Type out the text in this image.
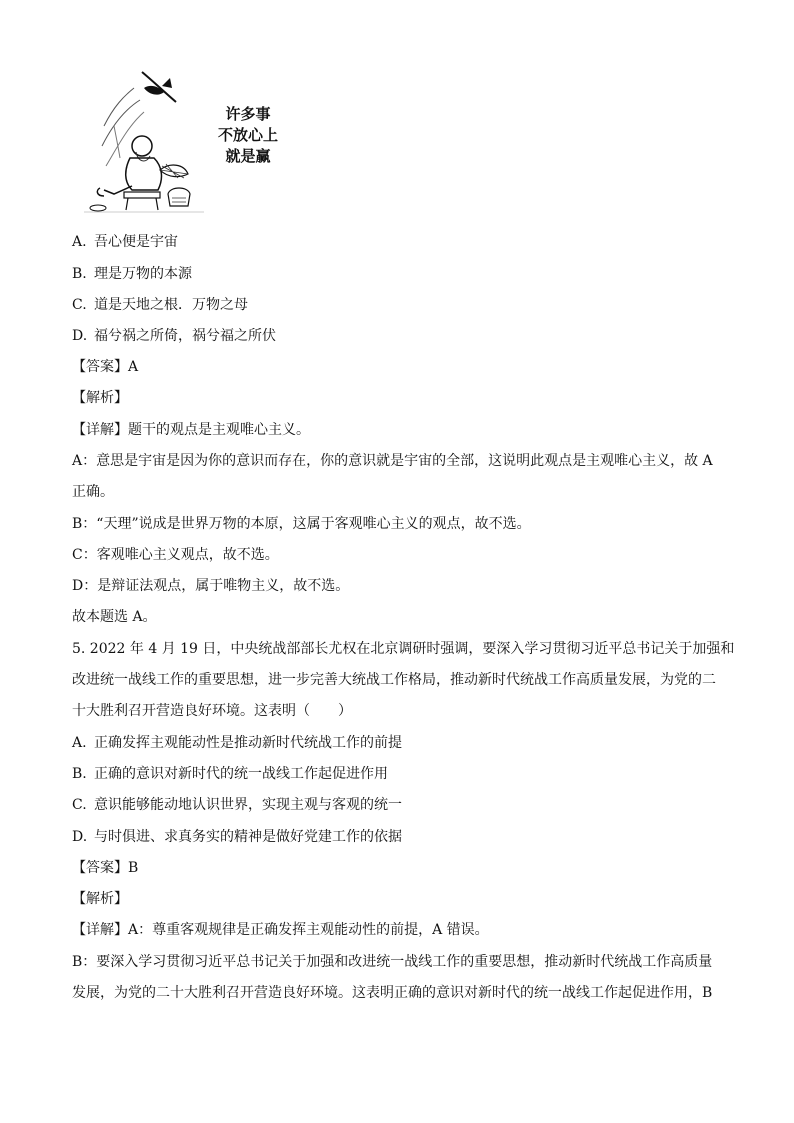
许多事
不放心上
就是赢
A. 吾心便是宇宙
B. 理是万物的本源
C. 道是天地之根．万物之母
D. 福兮祸之所倚，祸兮福之所伏
【答案】A
【解析】
【详解】题干的观点是主观唯心主义。
A：意思是宇宙是因为你的意识而存在，你的意识就是宇宙的全部，这说明此观点是主观唯心主义，故 A
正确。
B：“天理”说成是世界万物的本原，这属于客观唯心主义的观点，故不选。
C：客观唯心主义观点，故不选。
D：是辩证法观点，属于唯物主义，故不选。
故本题选 A。
5. 2022 年 4 月 19 日，中央统战部部长尤权在北京调研时强调，要深入学习贯彻习近平总书记关于加强和
改进统一战线工作的重要思想，进一步完善大统战工作格局，推动新时代统战工作高质量发展，为党的二
十大胜利召开营造良好环境。这表明（　　）
A. 正确发挥主观能动性是推动新时代统战工作的前提
B. 正确的意识对新时代的统一战线工作起促进作用
C. 意识能够能动地认识世界，实现主观与客观的统一
D. 与时俱进、求真务实的精神是做好党建工作的依据
【答案】B
【解析】
【详解】A：尊重客观规律是正确发挥主观能动性的前提，A 错误。
B：要深入学习贯彻习近平总书记关于加强和改进统一战线工作的重要思想，推动新时代统战工作高质量
发展，为党的二十大胜利召开营造良好环境。这表明正确的意识对新时代的统一战线工作起促进作用，B
